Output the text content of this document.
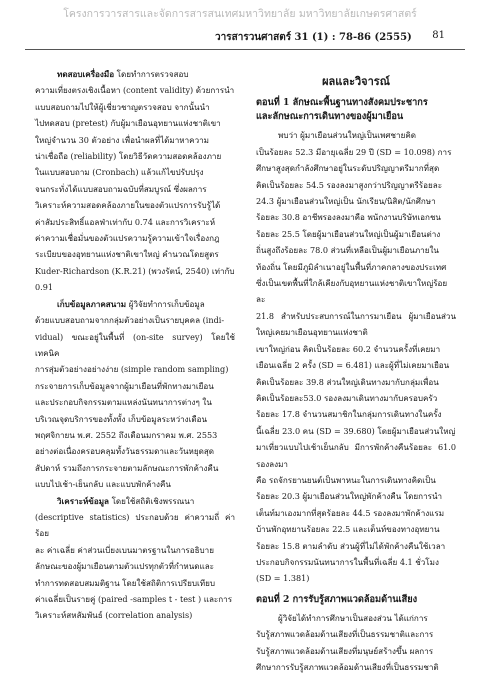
โครงการวารสารและจัดการสารสนเทศมหาวิทยาลัย มหาวิทยาลัยเกษตรศาสตร์
วารสารวนศาสตร์ 31 (1) : 78-86 (2555) 81

ทดสอบเครื่องมือ โดยทำการตรวจสอบ
ความเที่ยงตรงเชิงเนื้อหา (content validity) ด้วยการนำ
แบบสอบถามไปให้ผู้เชี่ยวชาญตรวจสอบ จากนั้นนำ
ไปทดสอบ (pretest) กับผู้มาเยือนอุทยานแห่งชาติเขา
ใหญ่จำนวน 30 ตัวอย่าง เพื่อนำผลที่ได้มาหาความ
น่าเชื่อถือ (reliability) โดยวิธีวัดความสอดคล้องภาย
ในแบบสอบถาม (Cronbach) แล้วแก้ไขปรับปรุง
จนกระทั่งได้แบบสอบถามฉบับที่สมบูรณ์ ซึ่งผลการ
วิเคราะห์ความสอดคล้องภายในของตัวแปรการรับรู้ได้
ค่าสัมประสิทธิ์แอลฟ่าเท่ากับ 0.74 และการวิเคราะห์
ค่าความเชื่อมั่นของตัวแปรความรู้ความเข้าใจเรื่องกฎ
ระเบียบของอุทยานแห่งชาติเขาใหญ่ คำนวณโดยสูตร
Kuder-Richardson (K.R.21) (พวงรัตน์, 2540) เท่ากับ
0.91

เก็บข้อมูลภาคสนาม ผู้วิจัยทำการเก็บข้อมูล
ด้วยแบบสอบถามจากกลุ่มตัวอย่างเป็นรายบุคคล (indi-
vidual) ขณะอยู่ในพื้นที่ (on-site survey) โดยใช้เทคนิค
การสุ่มตัวอย่างอย่างง่าย (simple random sampling)
กระจายการเก็บข้อมูลจากผู้มาเยือนที่พักทางมาเยือน
และประกอบกิจกรรมตามแหล่งนันทนาการต่างๆ ใน
บริเวณจุดบริการของทั้งทั้ง เก็บข้อมูลระหว่างเดือน
พฤศจิกายน พ.ศ. 2552 ถึงเดือนมกราคม พ.ศ. 2553
อย่างต่อเนื่องครอบคลุมทั้งวันธรรมดาและวันหยุดสุด
สัปดาห์ รวมถึงการกระจายตามลักษณะการพักค้างคืน
แบบไปเช้า-เย็นกลับ และแบบพักค้างคืน

วิเคราะห์ข้อมูล โดยใช้สถิติเชิงพรรณนา
(descriptive statistics) ประกอบด้วย ค่าความถี่ ค่าร้อย
ละ ค่าเฉลี่ย ค่าส่วนเบี่ยงเบนมาตรฐานในการอธิบาย
ลักษณะของผู้มาเยือนตามตัวแปรทุกตัวที่กำหนดและ
ทำการทดสอบสมมติฐาน โดยใช้สถิติการเปรียบเทียบ
ค่าเฉลี่ยเป็นรายคู่ (paired -samples t - test ) และการ
วิเคราะห์สหสัมพันธ์ (correlation analysis)

ผลและวิจารณ์
ตอนที่ 1 ลักษณะพื้นฐานทางสังคมประชากร
และลักษณะการเดินทางของผู้มาเยือน

พบว่า ผู้มาเยือนส่วนใหญ่เป็นเพศชายคิด
เป็นร้อยละ 52.3 มีอายุเฉลี่ย 29 ปี (SD = 10.098) การ
ศึกษาสูงสุดกำลังศึกษาอยู่ในระดับปริญญาตรีมากที่สุด
คิดเป็นร้อยละ 54.5 รองลงมาสูงกว่าปริญญาตรีร้อยละ
24.3 ผู้มาเยือนส่วนใหญ่เป็น นักเรียน/นิสิต/นักศึกษา
ร้อยละ 30.8 อาชีพรองลงมาคือ พนักงานบริษัทเอกชน
ร้อยละ 25.5 โดยผู้มาเยือนส่วนใหญ่เป็นผู้มาเยือนต่าง
ถิ่นสูงถึงร้อยละ 78.0 ส่วนที่เหลือเป็นผู้มาเยือนภายใน
ท้องถิ่น โดยมีภูมิลำเนาอยู่ในพื้นที่ภาคกลางของประเทศ
ซึ่งเป็นเขตพื้นที่ใกล้เคียงกับอุทยานแห่งชาติเขาใหญ่ร้อยละ
21.8 สำหรับประสบการณ์ในการมาเยือน ผู้มาเยือนส่วนใหญ่เคยมาเยือนอุทยานแห่งชาติ
เขาใหญ่ก่อน คิดเป็นร้อยละ 60.2 จำนวนครั้งที่เคยมา
เยือนเฉลี่ย 2 ครั้ง (SD = 6.481) และผู้ที่ไม่เคยมาเยือน
คิดเป็นร้อยละ 39.8 ส่วนใหญ่เดินทางมากับกลุ่มเพื่อน
คิดเป็นร้อยละ53.0 รองลงมาเดินทางมากับครอบครัว
ร้อยละ 17.8 จำนวนสมาชิกในกลุ่มการเดินทางในครั้ง
นี้เฉลี่ย 23.0 คน (SD = 39.680) โดยผู้มาเยือนส่วนใหญ่
มาเที่ยวแบบไปเช้าเย็นกลับ มีการพักค้างคืนร้อยละ 61.0 รองลงมา
คือ รถจักรยานยนต์เป็นพาหนะในการเดินทางคิดเป็น
ร้อยละ 20.3 ผู้มาเยือนส่วนใหญ่พักค้างคืน โดยการนำ
เต็นท์มาเองมากที่สุดร้อยละ 44.5 รองลงมาพักค้างแรม
บ้านพักอุทยานร้อยละ 22.5 และเต็นท์ของทางอุทยาน
ร้อยละ 15.8 ตามลำดับ ส่วนผู้ที่ไม่ได้พักค้างคืนใช้เวลา
ประกอบกิจกรรมนันทนาการในพื้นที่เฉลี่ย 4.1 ชั่วโมง
(SD = 1.381)

ตอนที่ 2 การรับรู้สภาพแวดล้อมด้านเสียง

ผู้วิจัยได้ทำการศึกษาเป็นสองส่วน ได้แก่การ
รับรู้สภาพแวดล้อมด้านเสียงที่เป็นธรรมชาติและการ
รับรู้สภาพแวดล้อมด้านเสียงที่มนุษย์สร้างขึ้น ผลการ
ศึกษาการรับรู้สภาพแวดล้อมด้านเสียงที่เป็นธรรมชาติ
